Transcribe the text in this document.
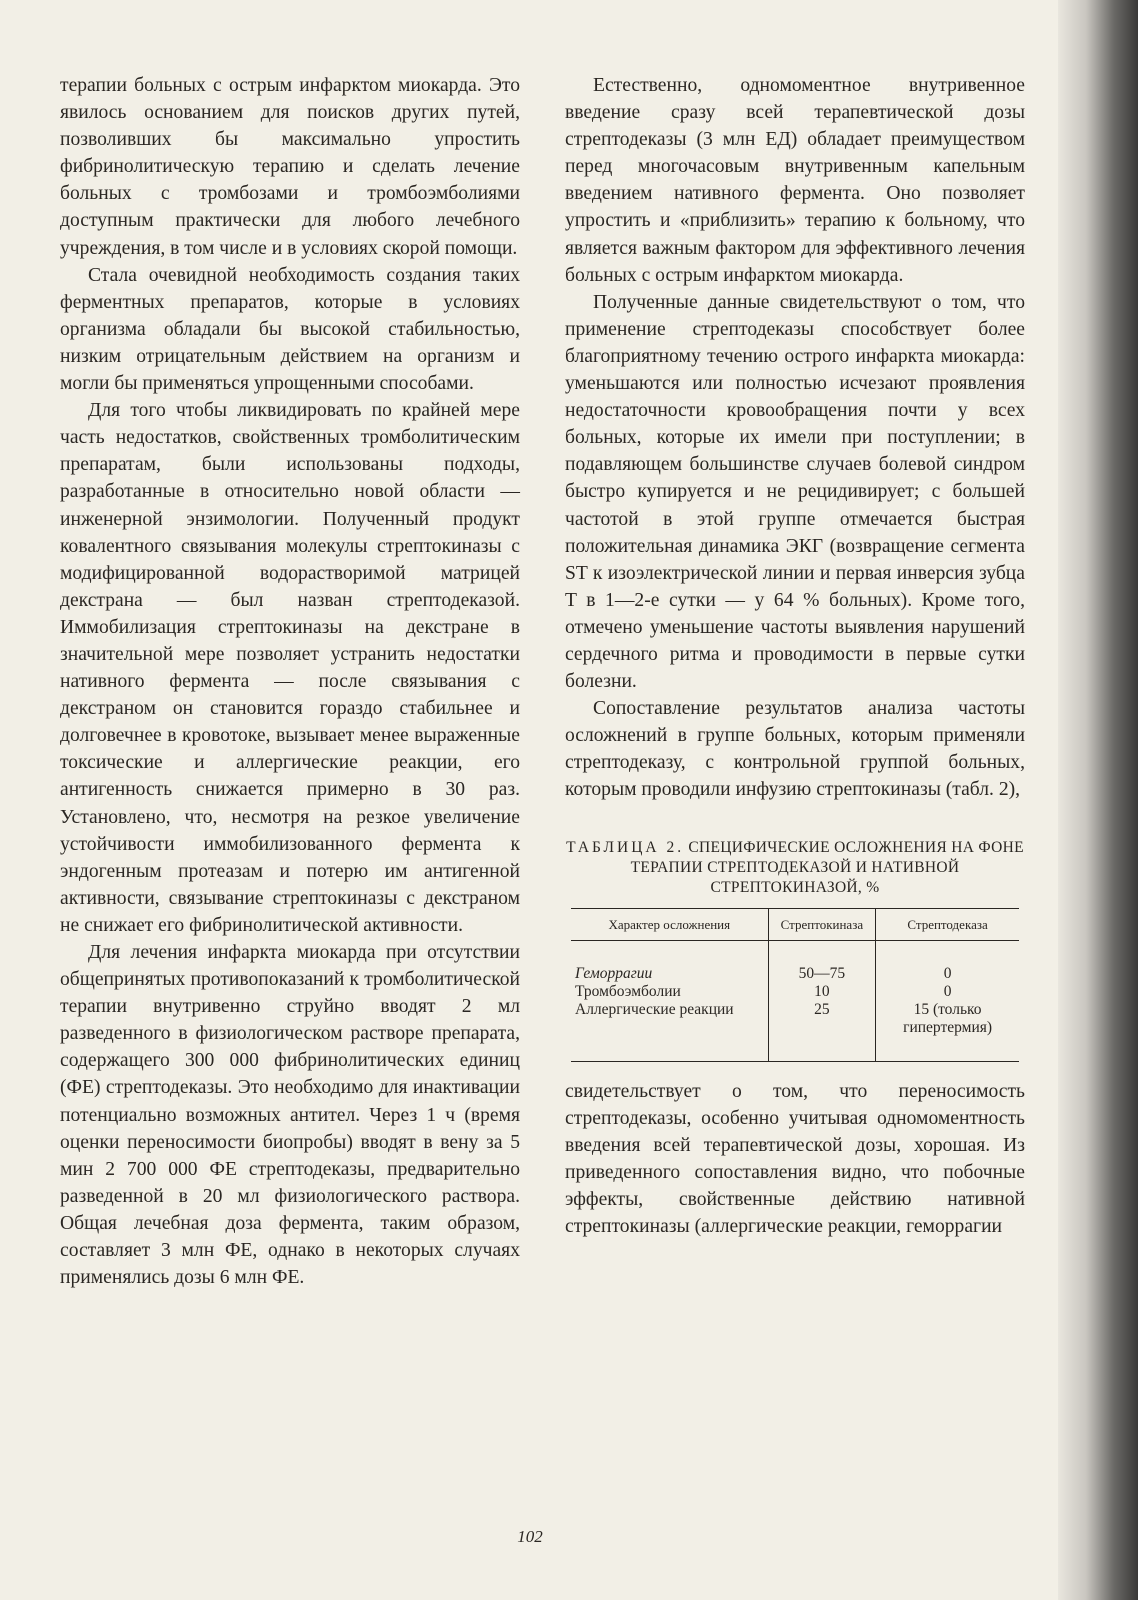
терапии больных с острым инфарктом миокарда. Это явилось основанием для поисков других путей, позволивших бы максимально упростить фибринолитическую терапию и сделать лечение больных с тромбозами и тромбоэмболиями доступным практически для любого лечебного учреждения, в том числе и в условиях скорой помощи.

Стала очевидной необходимость создания таких ферментных препаратов, которые в условиях организма обладали бы высокой стабильностью, низким отрицательным действием на организм и могли бы применяться упрощенными способами.

Для того чтобы ликвидировать по крайней мере часть недостатков, свойственных тромболитическим препаратам, были использованы подходы, разработанные в относительно новой области — инженерной энзимологии. Полученный продукт ковалентного связывания молекулы стрептокиназы с модифицированной водорастворимой матрицей декстрана — был назван стрептодеказой. Иммобилизация стрептокиназы на декстране в значительной мере позволяет устранить недостатки нативного фермента — после связывания с декстраном он становится гораздо стабильнее и долговечнее в кровотоке, вызывает менее выраженные токсические и аллергические реакции, его антигенность снижается примерно в 30 раз. Установлено, что, несмотря на резкое увеличение устойчивости иммобилизованного фермента к эндогенным протеазам и потерю им антигенной активности, связывание стрептокиназы с декстраном не снижает его фибринолитической активности.

Для лечения инфаркта миокарда при отсутствии общепринятых противопоказаний к тромболитической терапии внутривенно струйно вводят 2 мл разведенного в физиологическом растворе препарата, содержащего 300 000 фибринолитических единиц (ФЕ) стрептодеказы. Это необходимо для инактивации потенциально возможных антител. Через 1 ч (время оценки переносимости биопробы) вводят в вену за 5 мин 2 700 000 ФЕ стрептодеказы, предварительно разведенной в 20 мл физиологического раствора. Общая лечебная доза фермента, таким образом, составляет 3 млн ФЕ, однако в некоторых случаях применялись дозы 6 млн ФЕ.

Естественно, одномоментное внутривенное введение сразу всей терапевтической дозы стрептодеказы (3 млн ЕД) обладает преимуществом перед многочасовым внутривенным капельным введением нативного фермента. Оно позволяет упростить и «приблизить» терапию к больному, что является важным фактором для эффективного лечения больных с острым инфарктом миокарда.

Полученные данные свидетельствуют о том, что применение стрептодеказы способствует более благоприятному течению острого инфаркта миокарда: уменьшаются или полностью исчезают проявления недостаточности кровообращения почти у всех больных, которые их имели при поступлении; в подавляющем большинстве случаев болевой синдром быстро купируется и не рецидивирует; с большей частотой в этой группе отмечается быстрая положительная динамика ЭКГ (возвращение сегмента ST к изоэлектрической линии и первая инверсия зубца T в 1—2-е сутки — у 64 % больных). Кроме того, отмечено уменьшение частоты выявления нарушений сердечного ритма и проводимости в первые сутки болезни.

Сопоставление результатов анализа частоты осложнений в группе больных, которым применяли стрептодеказу, с контрольной группой больных, которым проводили инфузию стрептокиназы (табл. 2),

ТАБЛИЦА 2. СПЕЦИФИЧЕСКИЕ ОСЛОЖНЕНИЯ НА ФОНЕ ТЕРАПИИ СТРЕПТОДЕКАЗОЙ И НАТИВНОЙ СТРЕПТОКИНАЗОЙ, %
Характер осложнения	Стрептокиназа	Стрептодеказа
Геморрагии	50—75	0
Тромбоэмболии	10	0
Аллергические реакции	25	15 (только гипертермия)

свидетельствует о том, что переносимость стрептодеказы, особенно учитывая одномоментность введения всей терапевтической дозы, хорошая. Из приведенного сопоставления видно, что побочные эффекты, свойственные действию нативной стрептокиназы (аллергические реакции, геморрагии

102
